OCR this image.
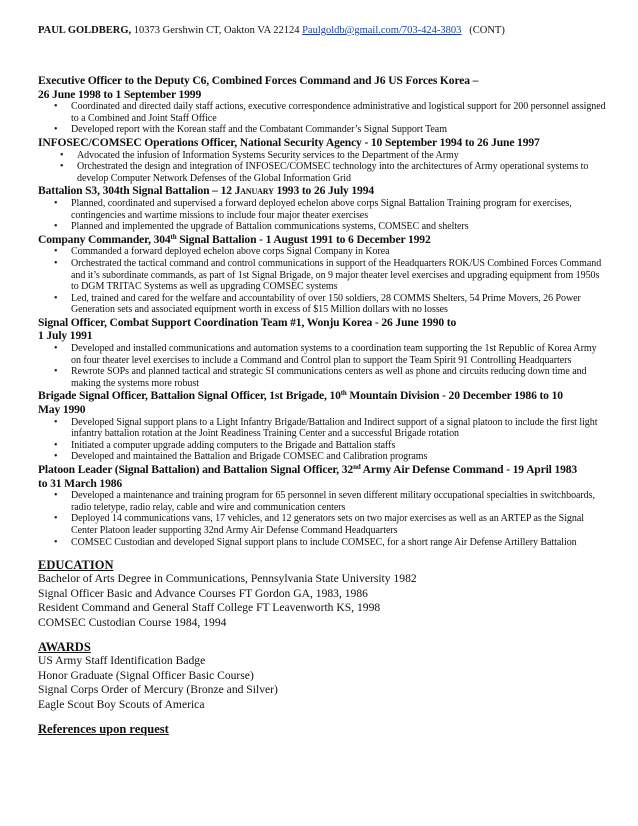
PAUL GOLDBERG, 10373 Gershwin CT, Oakton VA 22124 Paulgoldb@gmail.com/703-424-3803 (CONT)
Executive Officer to the Deputy C6, Combined Forces Command and J6 US Forces Korea –
26 June 1998 to 1 September 1999
• Coordinated and directed daily staff actions, executive correspondence administrative and logistical support for 200 personnel assigned to a Combined and Joint Staff Office
• Developed report with the Korean staff and the Combatant Commander’s Signal Support Team
INFOSEC/COMSEC Operations Officer, National Security Agency - 10 September 1994 to 26 June 1997
• Advocated the infusion of Information Systems Security services to the Department of the Army
• Orchestrated the design and integration of INFOSEC/COMSEC technology into the architectures of Army operational systems to develop Computer Network Defenses of the Global Information Grid
Battalion S3, 304th Signal Battalion – 12 January 1993 to 26 July 1994
• Planned, coordinated and supervised a forward deployed echelon above corps Signal Battalion Training program for exercises, contingencies and wartime missions to include four major theater exercises
• Planned and implemented the upgrade of Battalion communications systems, COMSEC and shelters
Company Commander, 304th Signal Battalion - 1 August 1991 to 6 December 1992
• Commanded a forward deployed echelon above corps Signal Company in Korea
• Orchestrated the tactical command and control communications in support of the Headquarters ROK/US Combined Forces Command and it’s subordinate commands, as part of 1st Signal Brigade, on 9 major theater level exercises and upgrading equipment from 1950s to DGM TRITAC Systems as well as upgrading COMSEC systems
• Led, trained and cared for the welfare and accountability of over 150 soldiers, 28 COMMS Shelters, 54 Prime Movers, 26 Power Generation sets and associated equipment worth in excess of $15 Million dollars with no losses
Signal Officer, Combat Support Coordination Team #1, Wonju Korea - 26 June 1990 to
1 July 1991
• Developed and installed communications and automation systems to a coordination team supporting the 1st Republic of Korea Army on four theater level exercises to include a Command and Control plan to support the Team Spirit 91 Controlling Headquarters
• Rewrote SOPs and planned tactical and strategic SI communications centers as well as phone and circuits reducing down time and making the systems more robust
Brigade Signal Officer, Battalion Signal Officer, 1st Brigade, 10th Mountain Division - 20 December 1986 to 10
May 1990
• Developed Signal support plans to a Light Infantry Brigade/Battalion and Indirect support of a signal platoon to include the first light infantry battalion rotation at the Joint Readiness Training Center and a successful Brigade rotation
• Initiated a computer upgrade adding computers to the Brigade and Battalion staffs
• Developed and maintained the Battalion and Brigade COMSEC and Calibration programs
Platoon Leader (Signal Battalion) and Battalion Signal Officer, 32nd Army Air Defense Command - 19 April 1983
to 31 March 1986
• Developed a maintenance and training program for 65 personnel in seven different military occupational specialties in switchboards, radio teletype, radio relay, cable and wire and communication centers
• Deployed 14 communications vans, 17 vehicles, and 12 generators sets on two major exercises as well as an ARTEP as the Signal Center Platoon leader supporting 32nd Army Air Defense Command Headquarters
• COMSEC Custodian and developed Signal support plans to include COMSEC, for a short range Air Defense Artillery Battalion
EDUCATION
Bachelor of Arts Degree in Communications, Pennsylvania State University 1982
Signal Officer Basic and Advance Courses FT Gordon GA, 1983, 1986
Resident Command and General Staff College FT Leavenworth KS, 1998
COMSEC Custodian Course 1984, 1994
AWARDS
US Army Staff Identification Badge
Honor Graduate (Signal Officer Basic Course)
Signal Corps Order of Mercury (Bronze and Silver)
Eagle Scout Boy Scouts of America
References upon request
